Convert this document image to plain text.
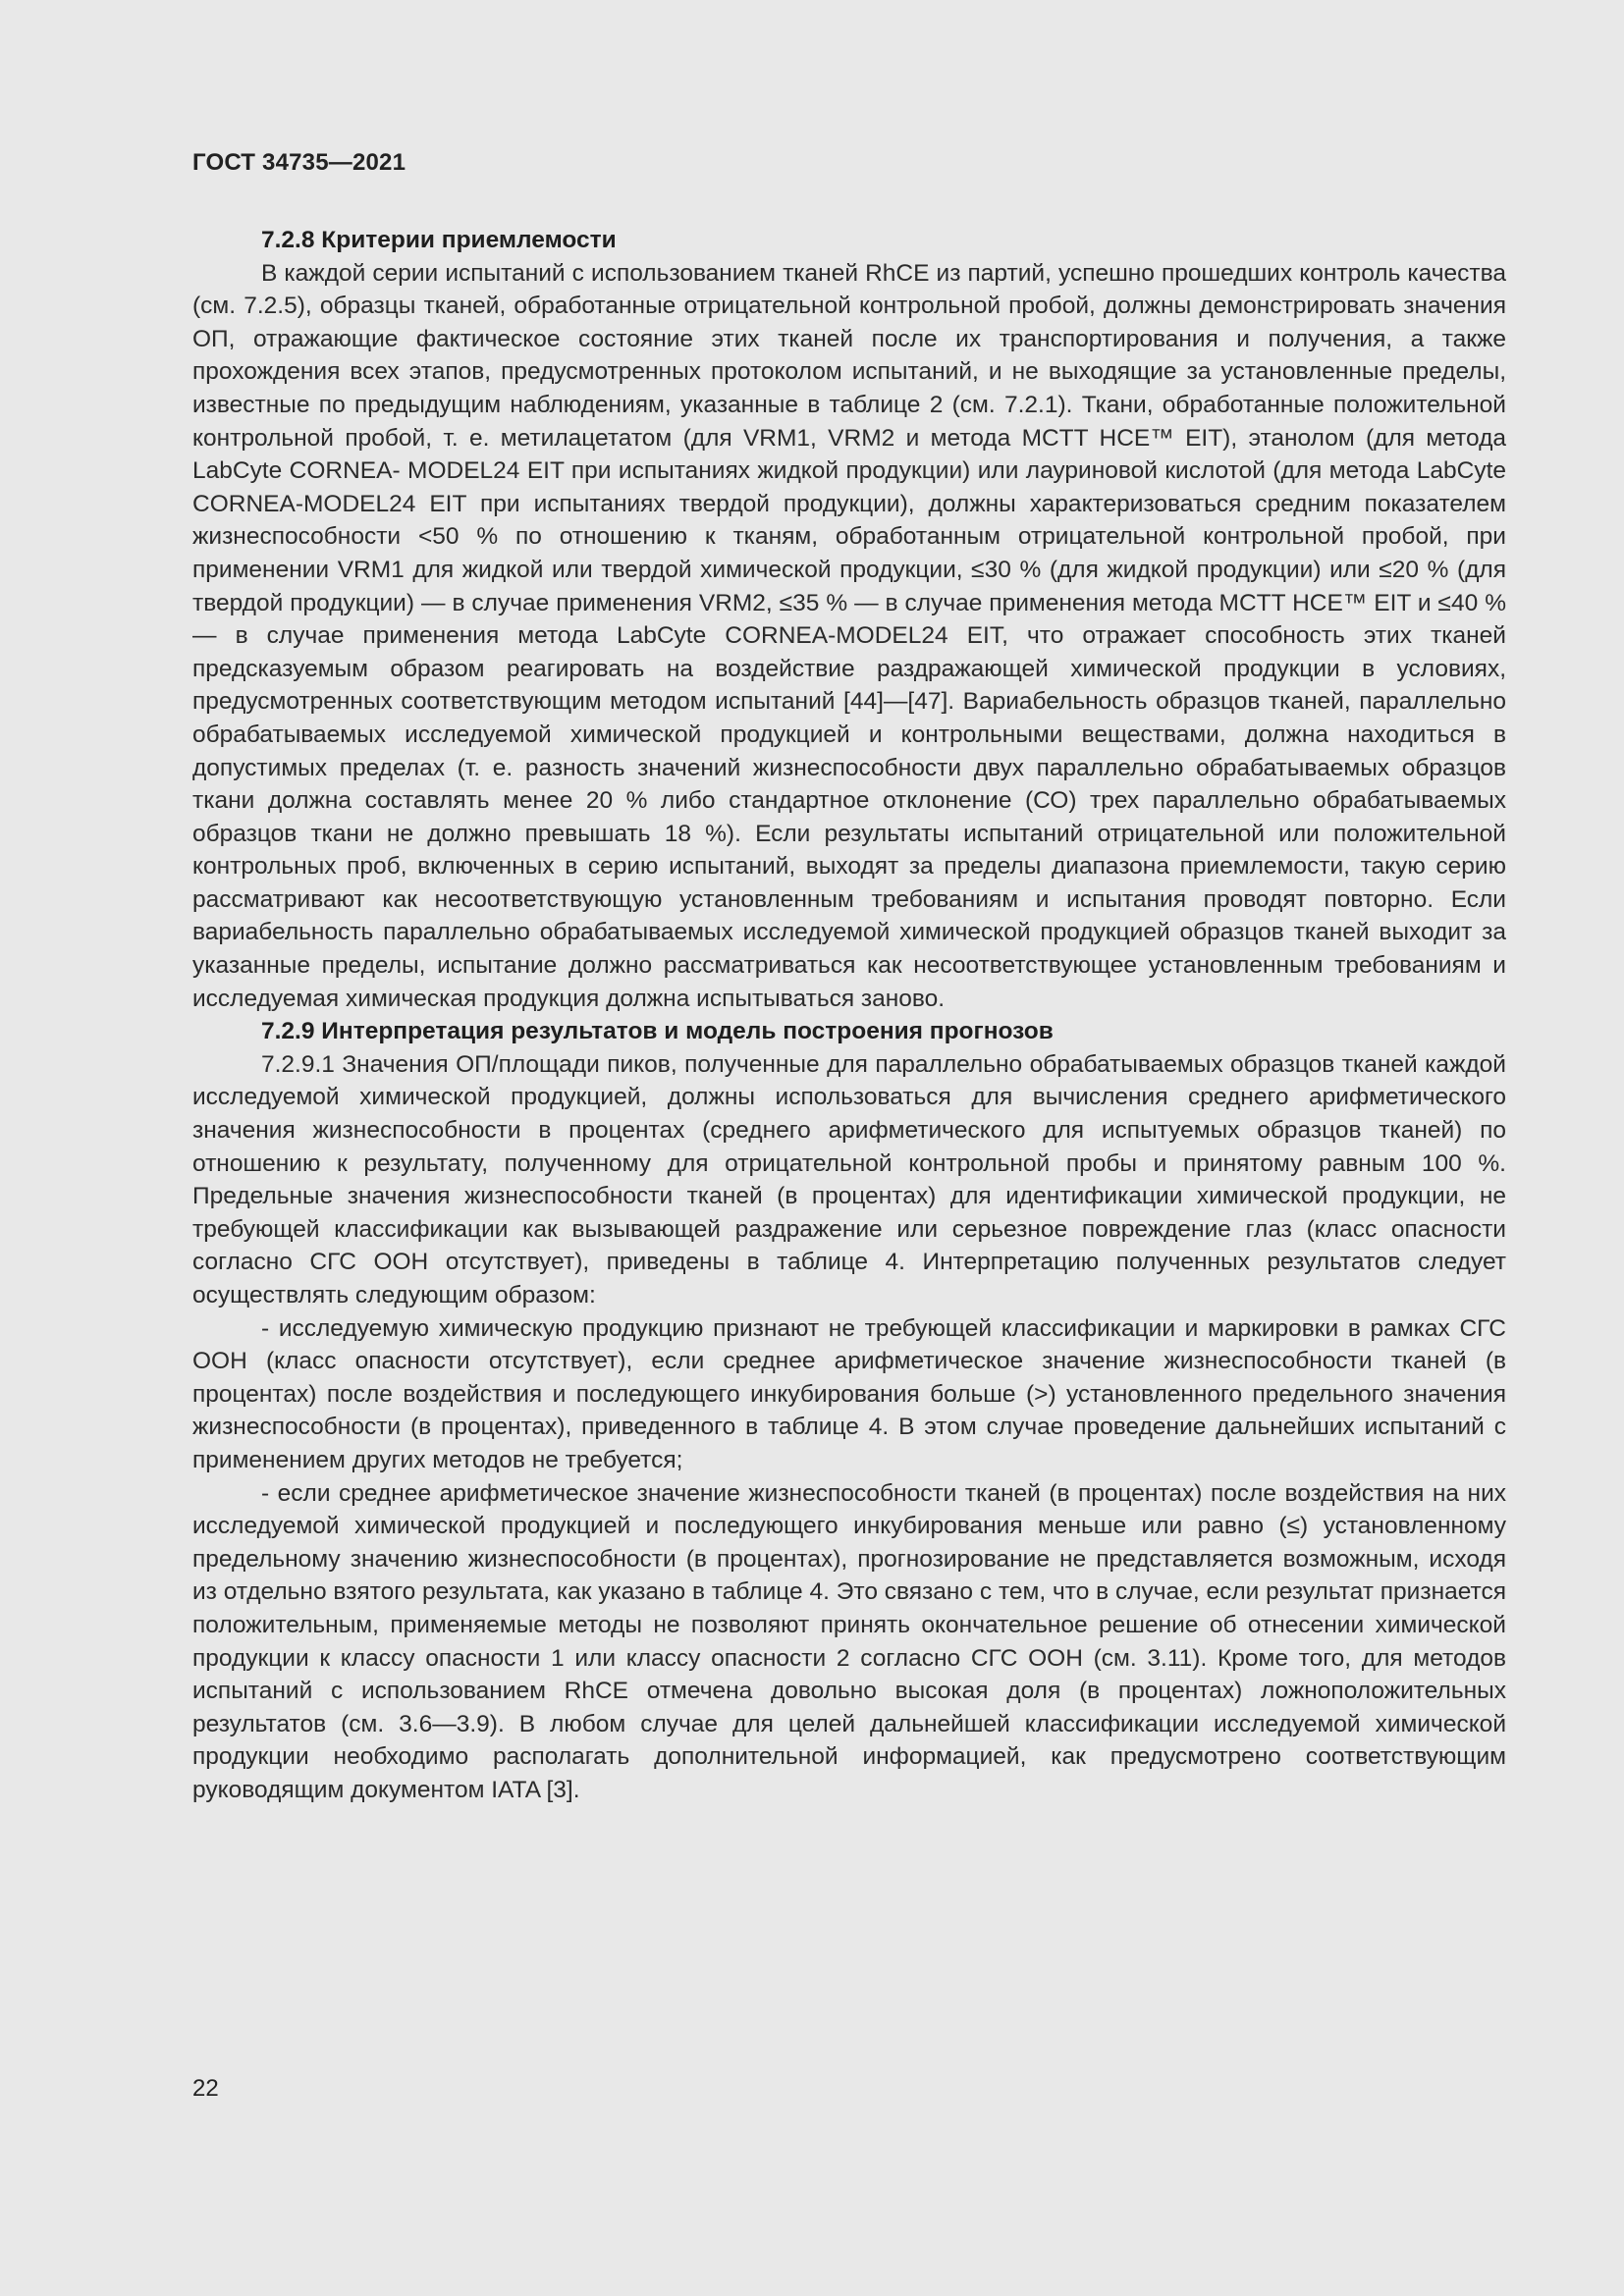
ГОСТ 34735—2021
7.2.8 Критерии приемлемости

В каждой серии испытаний с использованием тканей RhCE из партий, успешно прошедших контроль качества (см. 7.2.5), образцы тканей, обработанные отрицательной контрольной пробой, должны демонстрировать значения ОП, отражающие фактическое состояние этих тканей после их транспортирования и получения, а также прохождения всех этапов, предусмотренных протоколом испытаний, и не выходящие за установленные пределы, известные по предыдущим наблюдениям, указанные в таблице 2 (см. 7.2.1). Ткани, обработанные положительной контрольной пробой, т. е. метилацетатом (для VRM1, VRM2 и метода MCTT HCE™ EIT), этанолом (для метода LabCyte CORNEA- MODEL24 EIT при испытаниях жидкой продукции) или лауриновой кислотой (для метода LabCyte CORNEA-MODEL24 EIT при испытаниях твердой продукции), должны характеризоваться средним показателем жизнеспособности <50 % по отношению к тканям, обработанным отрицательной контрольной пробой, при применении VRM1 для жидкой или твердой химической продукции, ≤30 % (для жидкой продукции) или ≤20 % (для твердой продукции) — в случае применения VRM2, ≤35 % — в случае применения метода MCTT HCE™ EIT и ≤40 % — в случае применения метода LabCyte CORNEA-MODEL24 EIT, что отражает способность этих тканей предсказуемым образом реагировать на воздействие раздражающей химической продукции в условиях, предусмотренных соответствующим методом испытаний [44]—[47]. Вариабельность образцов тканей, параллельно обрабатываемых исследуемой химической продукцией и контрольными веществами, должна находиться в допустимых пределах (т. е. разность значений жизнеспособности двух параллельно обрабатываемых образцов ткани должна составлять менее 20 % либо стандартное отклонение (СО) трех параллельно обрабатываемых образцов ткани не должно превышать 18 %). Если результаты испытаний отрицательной или положительной контрольных проб, включенных в серию испытаний, выходят за пределы диапазона приемлемости, такую серию рассматривают как несоответствующую установленным требованиям и испытания проводят повторно. Если вариабельность параллельно обрабатываемых исследуемой химической продукцией образцов тканей выходит за указанные пределы, испытание должно рассматриваться как несоответствующее установленным требованиям и исследуемая химическая продукция должна испытываться заново.

7.2.9 Интерпретация результатов и модель построения прогнозов

7.2.9.1 Значения ОП/площади пиков, полученные для параллельно обрабатываемых образцов тканей каждой исследуемой химической продукцией, должны использоваться для вычисления среднего арифметического значения жизнеспособности в процентах (среднего арифметического для испытуемых образцов тканей) по отношению к результату, полученному для отрицательной контрольной пробы и принятому равным 100 %. Предельные значения жизнеспособности тканей (в процентах) для идентификации химической продукции, не требующей классификации как вызывающей раздражение или серьезное повреждение глаз (класс опасности согласно СГС ООН отсутствует), приведены в таблице 4. Интерпретацию полученных результатов следует осуществлять следующим образом:

- исследуемую химическую продукцию признают не требующей классификации и маркировки в рамках СГС ООН (класс опасности отсутствует), если среднее арифметическое значение жизнеспособности тканей (в процентах) после воздействия и последующего инкубирования больше (>) установленного предельного значения жизнеспособности (в процентах), приведенного в таблице 4. В этом случае проведение дальнейших испытаний с применением других методов не требуется;

- если среднее арифметическое значение жизнеспособности тканей (в процентах) после воздействия на них исследуемой химической продукцией и последующего инкубирования меньше или равно (≤) установленному предельному значению жизнеспособности (в процентах), прогнозирование не представляется возможным, исходя из отдельно взятого результата, как указано в таблице 4. Это связано с тем, что в случае, если результат признается положительным, применяемые методы не позволяют принять окончательное решение об отнесении химической продукции к классу опасности 1 или классу опасности 2 согласно СГС ООН (см. 3.11). Кроме того, для методов испытаний с использованием RhCE отмечена довольно высокая доля (в процентах) ложноположительных результатов (см. 3.6—3.9). В любом случае для целей дальнейшей классификации исследуемой химической продукции необходимо располагать дополнительной информацией, как предусмотрено соответствующим руководящим документом IATA [3].

22
